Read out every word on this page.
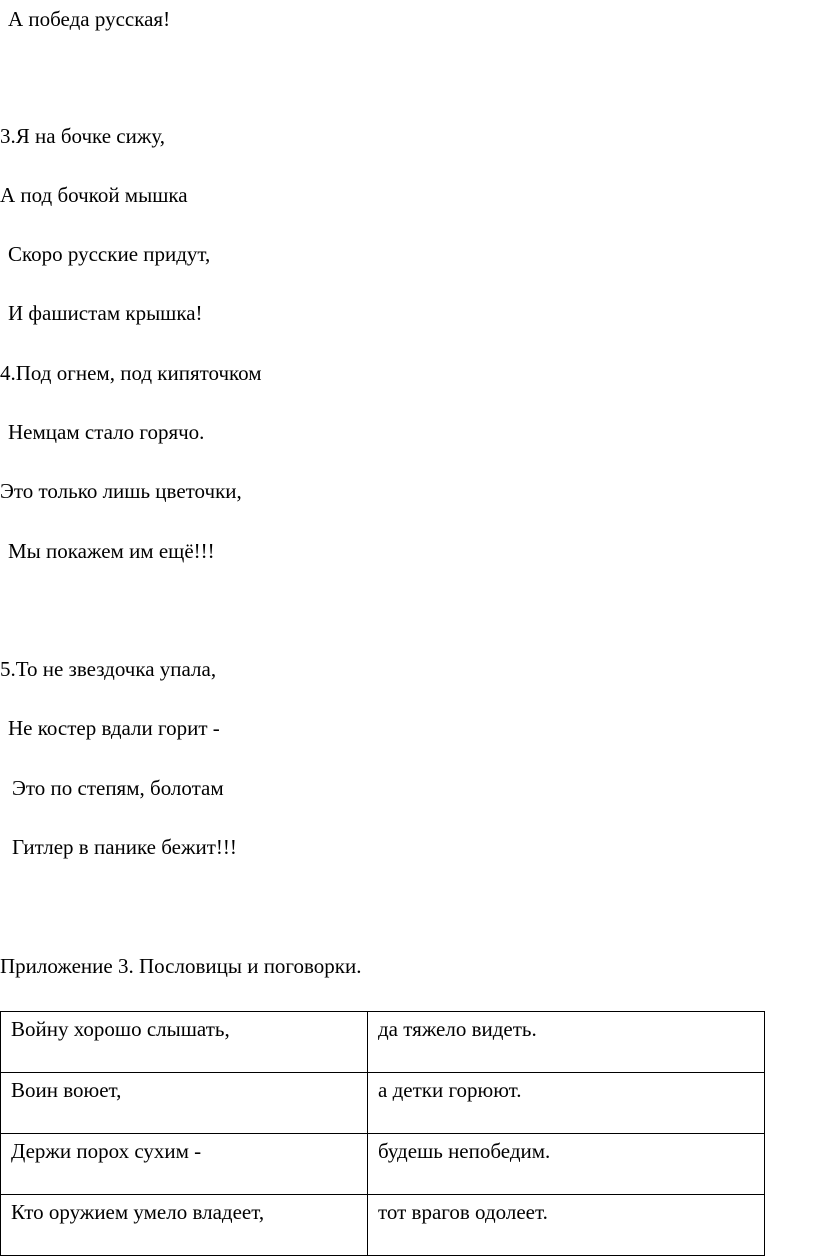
А победа русская!
3.Я на бочке сижу,
А под бочкой мышка
Скоро русские придут,
И фашистам крышка!
4.Под огнем, под кипяточком
Немцам стало горячо.
Это только лишь цветочки,
Мы покажем им ещё!!!
5.То не звездочка упала,
Не костер вдали горит -
Это по степям, болотам
Гитлер в панике бежит!!!
Приложение 3. Пословицы и поговорки.
Войну хорошо слышать,	да тяжело видеть.

Воин воюет,	а детки горюют.

Держи порох сухим -	будешь непобедим.

Кто оружием умело владеет,	тот врагов одолеет.
